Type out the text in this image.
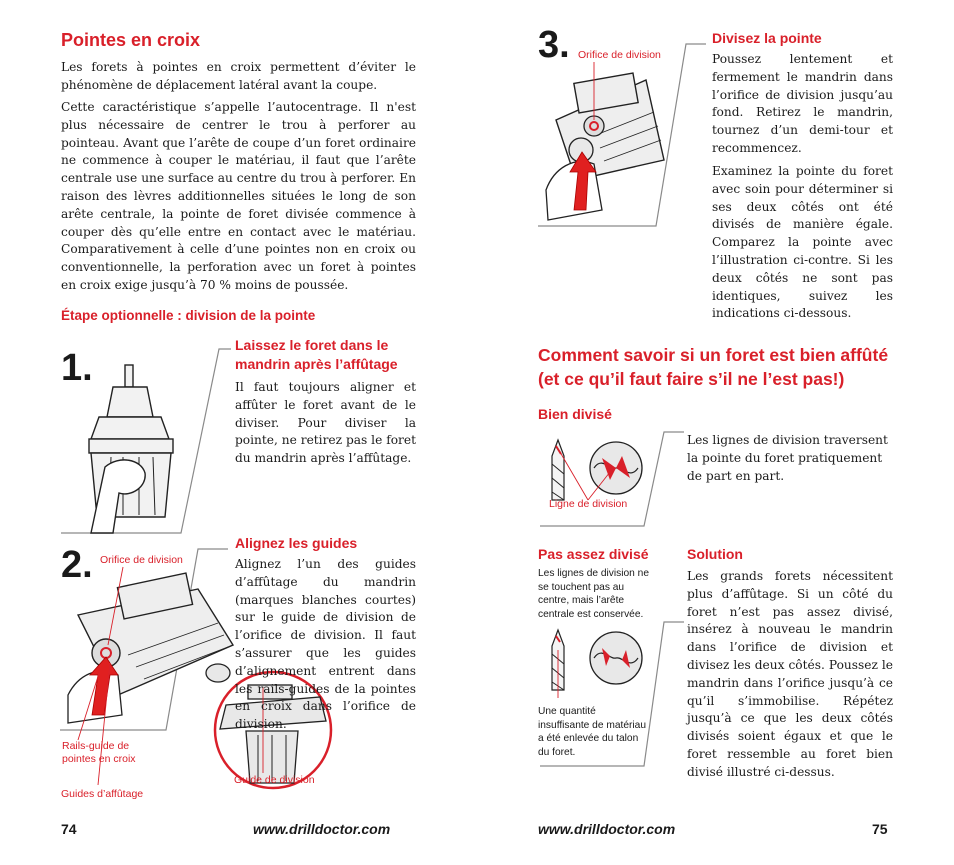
Pointes en croix

Les forets à pointes en croix permettent d’éviter le phénomène de déplacement latéral avant la coupe.

Cette caractéristique s’appelle l’autocentrage. Il n'est plus nécessaire de centrer le trou à perforer au pointeau. Avant que l’arête de coupe d’un foret ordinaire ne commence à couper le matériau, il faut que l’arête centrale use une surface au centre du trou à perforer. En raison des lèvres additionnelles situées le long de son arête centrale, la pointe de foret divisée commence à couper dès qu’elle entre en contact avec le matériau. Comparativement à celle d’une pointes non en croix ou conventionnelle, la perforation avec un foret à pointes en croix exige jusqu’à 70 % moins de poussée.

Étape optionnelle : division de la pointe
1.
Laissez le foret dans le mandrin après l’affûtage

Il faut toujours aligner et affûter le foret avant de le diviser. Pour diviser la pointe, ne retirez pas le foret du mandrin après l’affûtage.

2. Orifice de division
Rails-guide de pointes en croix
Guide de division
Guides d’affûtage
Alignez les guides

Alignez l’un des guides d’affûtage du mandrin (marques blanches courtes) sur le guide de division de l’orifice de division. Il faut s’assurer que les guides d’alignement entrent dans les rails-guides de la pointes en croix dans l’orifice de division.

74	www.drilldoctor.com
3. Orifice de division
Divisez la pointe

Poussez lentement et fermement le mandrin dans l’orifice de division jusqu’au fond. Retirez le mandrin, tournez d’un demi-tour et recommencez.

Examinez la pointe du foret avec soin pour déterminer si ses deux côtés ont été divisés de manière égale. Comparez la pointe avec l’illustration ci-contre. Si les deux côtés ne sont pas identiques, suivez les indications ci-dessous.

Comment savoir si un foret est bien affûté
(et ce qu’il faut faire s’il ne l’est pas!)
Bien divisé
Ligne de division

Les lignes de division traversent la pointe du foret pratiquement de part en part.

Pas assez divisé
Les lignes de division ne se touchent pas au centre, mais l’arête centrale est conservée.
Une quantité insuffisante de matériau a été enlevée du talon du foret.
Solution

Les grands forets nécessitent plus d’affûtage. Si un côté du foret n’est pas assez divisé, insérez à nouveau le mandrin dans l’orifice de division et divisez les deux côtés. Poussez le mandrin dans l’orifice jusqu’à ce qu’il s’immobilise. Répétez jusqu’à ce que les deux côtés divisés soient égaux et que le foret ressemble au foret bien divisé illustré ci-dessus.

www.drilldoctor.com	75
